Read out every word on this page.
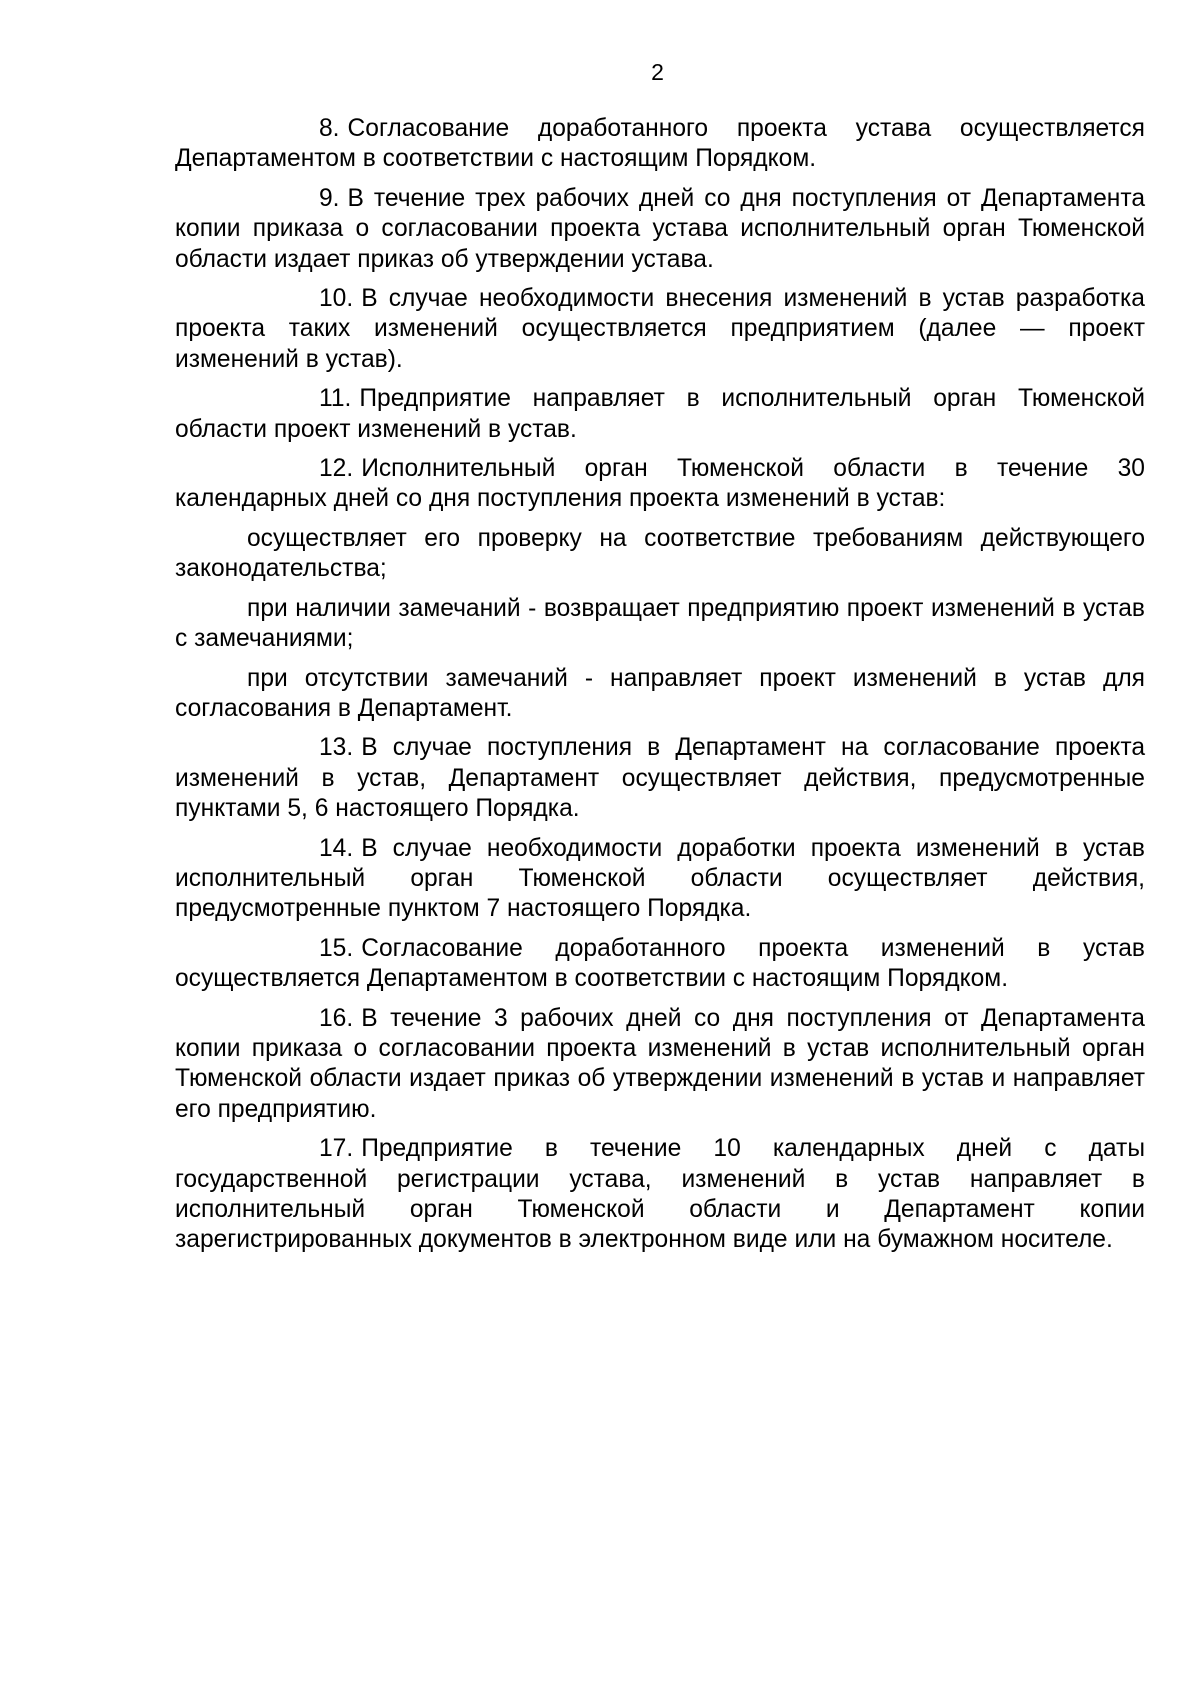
2

8. Согласование доработанного проекта устава осуществляется Департаментом в соответствии с настоящим Порядком.

9. В течение трех рабочих дней со дня поступления от Департамента копии приказа о согласовании проекта устава исполнительный орган Тюменской области издает приказ об утверждении устава.

10. В случае необходимости внесения изменений в устав разработка проекта таких изменений осуществляется предприятием (далее — проект изменений в устав).

11. Предприятие направляет в исполнительный орган Тюменской области проект изменений в устав.

12. Исполнительный орган Тюменской области в течение 30 календарных дней со дня поступления проекта изменений в устав:

осуществляет его проверку на соответствие требованиям действующего законодательства;

при наличии замечаний - возвращает предприятию проект изменений в устав с замечаниями;

при отсутствии замечаний - направляет проект изменений в устав для согласования в Департамент.

13. В случае поступления в Департамент на согласование проекта изменений в устав, Департамент осуществляет действия, предусмотренные пунктами 5, 6 настоящего Порядка.

14. В случае необходимости доработки проекта изменений в устав исполнительный орган Тюменской области осуществляет действия, предусмотренные пунктом 7 настоящего Порядка.

15. Согласование доработанного проекта изменений в устав осуществляется Департаментом в соответствии с настоящим Порядком.

16. В течение 3 рабочих дней со дня поступления от Департамента копии приказа о согласовании проекта изменений в устав исполнительный орган Тюменской области издает приказ об утверждении изменений в устав и направляет его предприятию.

17. Предприятие в течение 10 календарных дней с даты государственной регистрации устава, изменений в устав направляет в исполнительный орган Тюменской области и Департамент копии зарегистрированных документов в электронном виде или на бумажном носителе.
